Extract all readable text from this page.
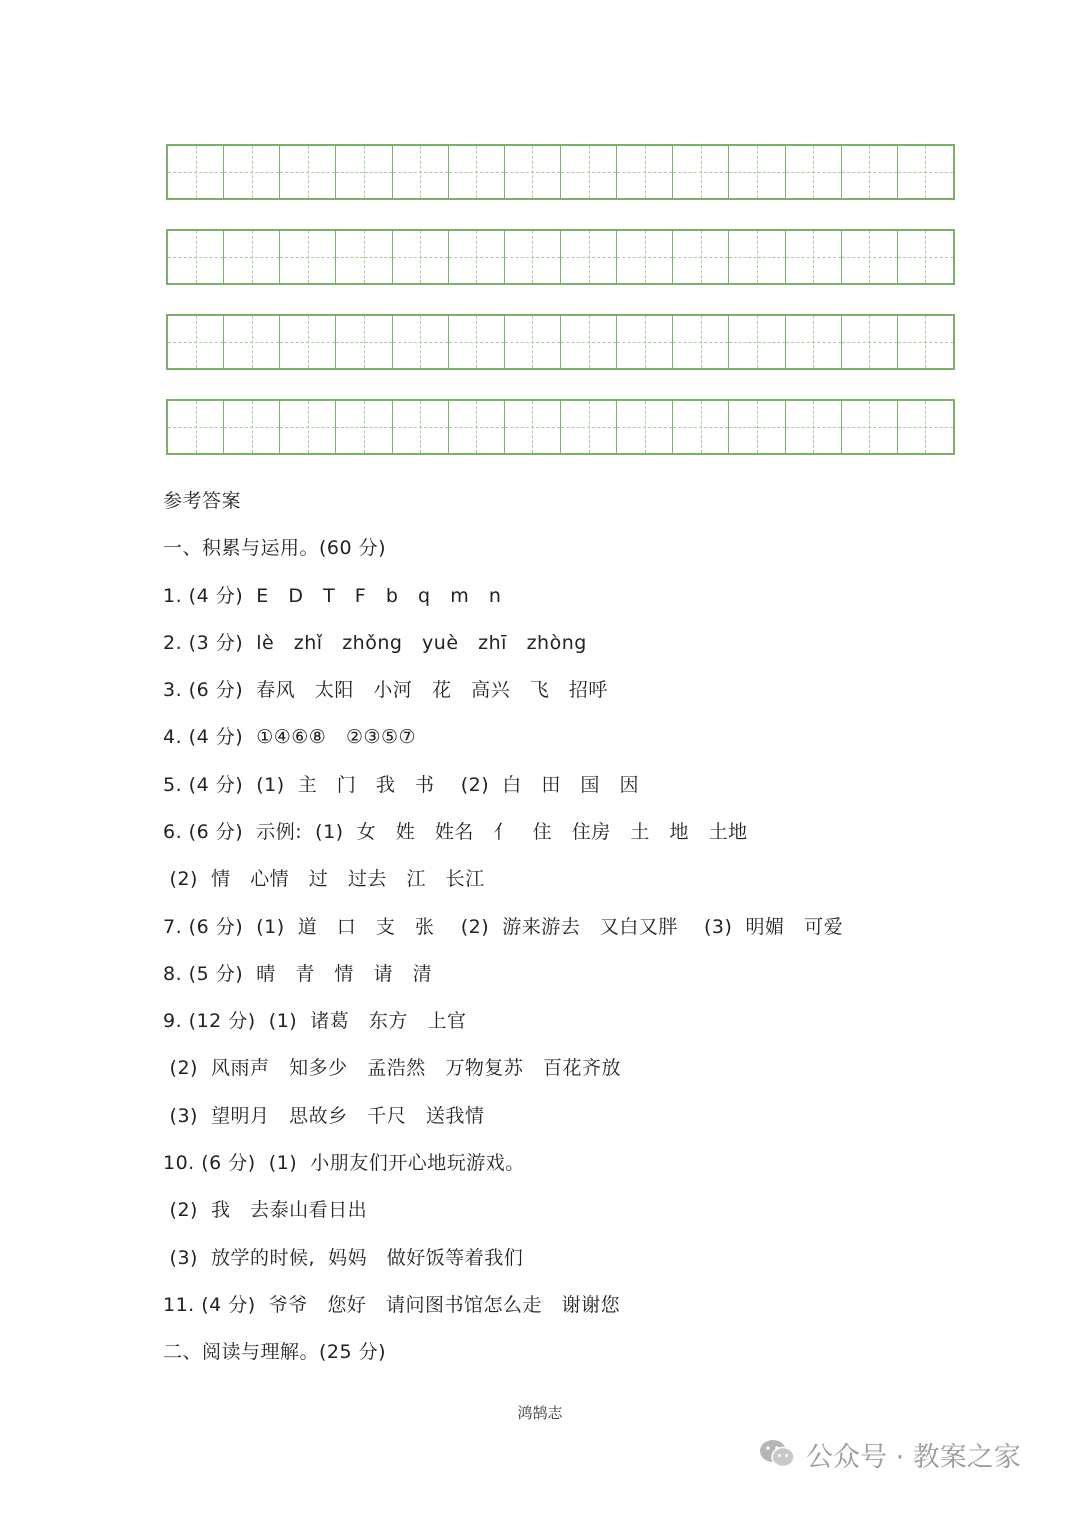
参考答案
一、积累与运用。(60 分)
1. (4 分)  E   D   T   F   b   q   m   n
2. (3 分)  lè   zhǐ   zhǒng   yuè   zhī   zhòng
3. (6 分)  春风   太阳   小河   花   高兴   飞   招呼
4. (4 分)  ①④⑥⑧   ②③⑤⑦
5. (4 分)  (1)  主   门   我   书    (2)  白   田   国   因
6. (6 分)  示例:  (1)  女   姓   姓名   亻   住   住房   土   地   土地
(2)  情   心情   过   过去   江   长江
7. (6 分)  (1)  道   口   支   张    (2)  游来游去   又白又胖    (3)  明媚   可爱
8. (5 分)  晴   青   情   请   清
9. (12 分)  (1)  诸葛   东方   上官
(2)  风雨声   知多少   孟浩然   万物复苏   百花齐放
(3)  望明月   思故乡   千尺   送我情
10. (6 分)  (1)  小朋友们开心地玩游戏。
(2)  我   去泰山看日出
(3)  放学的时候,  妈妈   做好饭等着我们
11. (4 分)  爷爷   您好   请问图书馆怎么走   谢谢您
二、阅读与理解。(25 分)
鸿鹄志
公众号 · 教案之家
